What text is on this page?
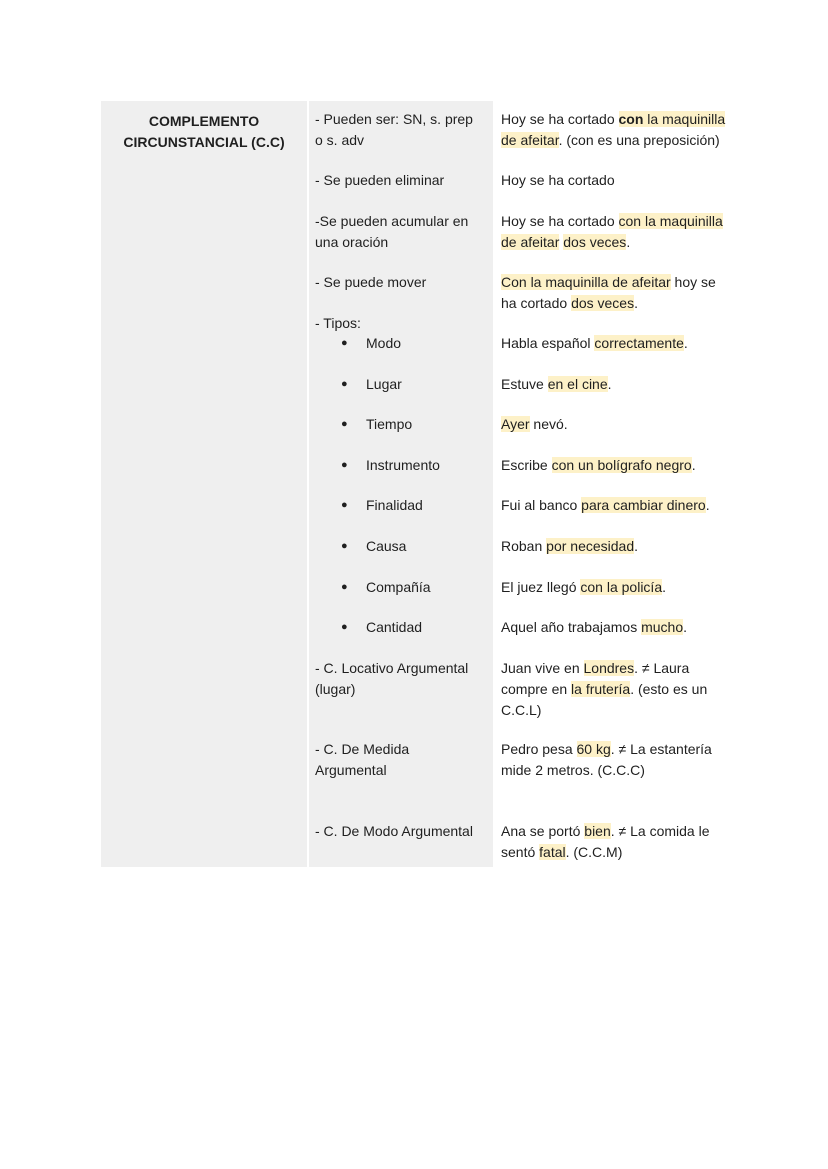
COMPLEMENTO
CIRCUNSTANCIAL (C.C)
- Pueden ser: SN, s. prep
o s. adv
- Se pueden eliminar
-Se pueden acumular en
una oración
- Se puede mover
- Tipos:
● Modo
● Lugar
● Tiempo
● Instrumento
● Finalidad
● Causa
● Compañía
● Cantidad
- C. Locativo Argumental
(lugar)
- C. De Medida
Argumental
- C. De Modo Argumental
Hoy se ha cortado con la maquinilla
de afeitar. (con es una preposición)
Hoy se ha cortado
Hoy se ha cortado con la maquinilla
de afeitar dos veces.
Con la maquinilla de afeitar hoy se
ha cortado dos veces.
Habla español correctamente.
Estuve en el cine.
Ayer nevó.
Escribe con un bolígrafo negro.
Fui al banco para cambiar dinero.
Roban por necesidad.
El juez llegó con la policía.
Aquel año trabajamos mucho.
Juan vive en Londres. ≠ Laura
compre en la frutería. (esto es un
C.C.L)
Pedro pesa 60 kg. ≠ La estantería
mide 2 metros. (C.C.C)
Ana se portó bien. ≠ La comida le
sentó fatal. (C.C.M)
